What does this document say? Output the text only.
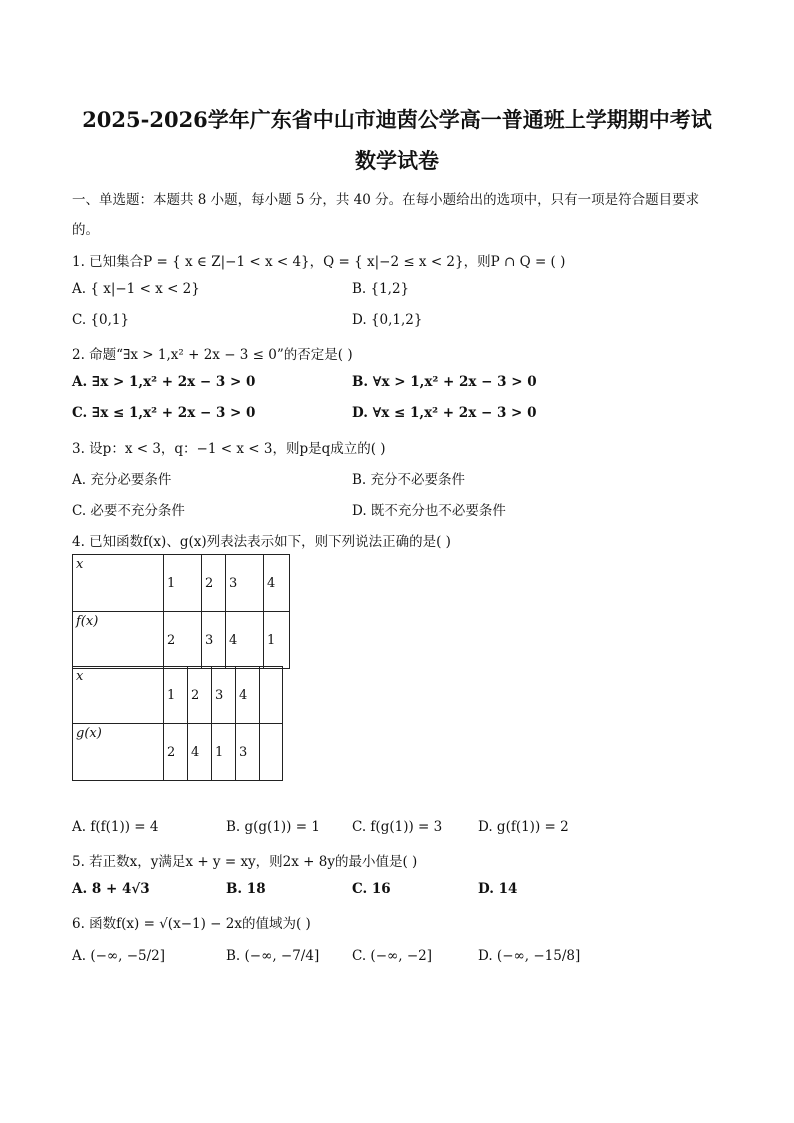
2025-2026学年广东省中山市迪茵公学高一普通班上学期期中考试
数学试卷
一、单选题：本题共 8 小题，每小题 5 分，共 40 分。在每小题给出的选项中，只有一项是符合题目要求
的。
1. 已知集合P = { x ∈ Z|−1 < x < 4}，Q = { x|−2 ≤ x < 2}，则P ∩ Q = ( )
A. { x|−1 < x < 2}	B. {1,2}
C. {0,1}	D. {0,1,2}
2. 命题“∃x > 1,x² + 2x − 3 ≤ 0”的否定是( )
A. ∃x > 1,x² + 2x − 3 > 0	B. ∀x > 1,x² + 2x − 3 > 0
C. ∃x ≤ 1,x² + 2x − 3 > 0	D. ∀x ≤ 1,x² + 2x − 3 > 0
3. 设p：x < 3，q：−1 < x < 3，则p是q成立的( )
A. 充分必要条件	B. 充分不必要条件
C. 必要不充分条件	D. 既不充分也不必要条件
4. 已知函数f(x)、g(x)列表法表示如下，则下列说法正确的是( )
x	1	2	3	4
f(x)	2	3	4	1
x	1	2	3	4	
g(x)	2	4	1	3	
A. f(f(1)) = 4	B. g(g(1)) = 1 C. f(g(1)) = 3	D. g(f(1)) = 2
5. 若正数x，y满足x + y = xy，则2x + 8y的最小值是( )
A. 8 + 4√3	B. 18	C. 16	D. 14
6. 函数f(x) = √(x−1) − 2x的值域为( )
A. (−∞, −5/2]	B. (−∞, −7/4] C. (−∞, −2]	D. (−∞, −15/8]
